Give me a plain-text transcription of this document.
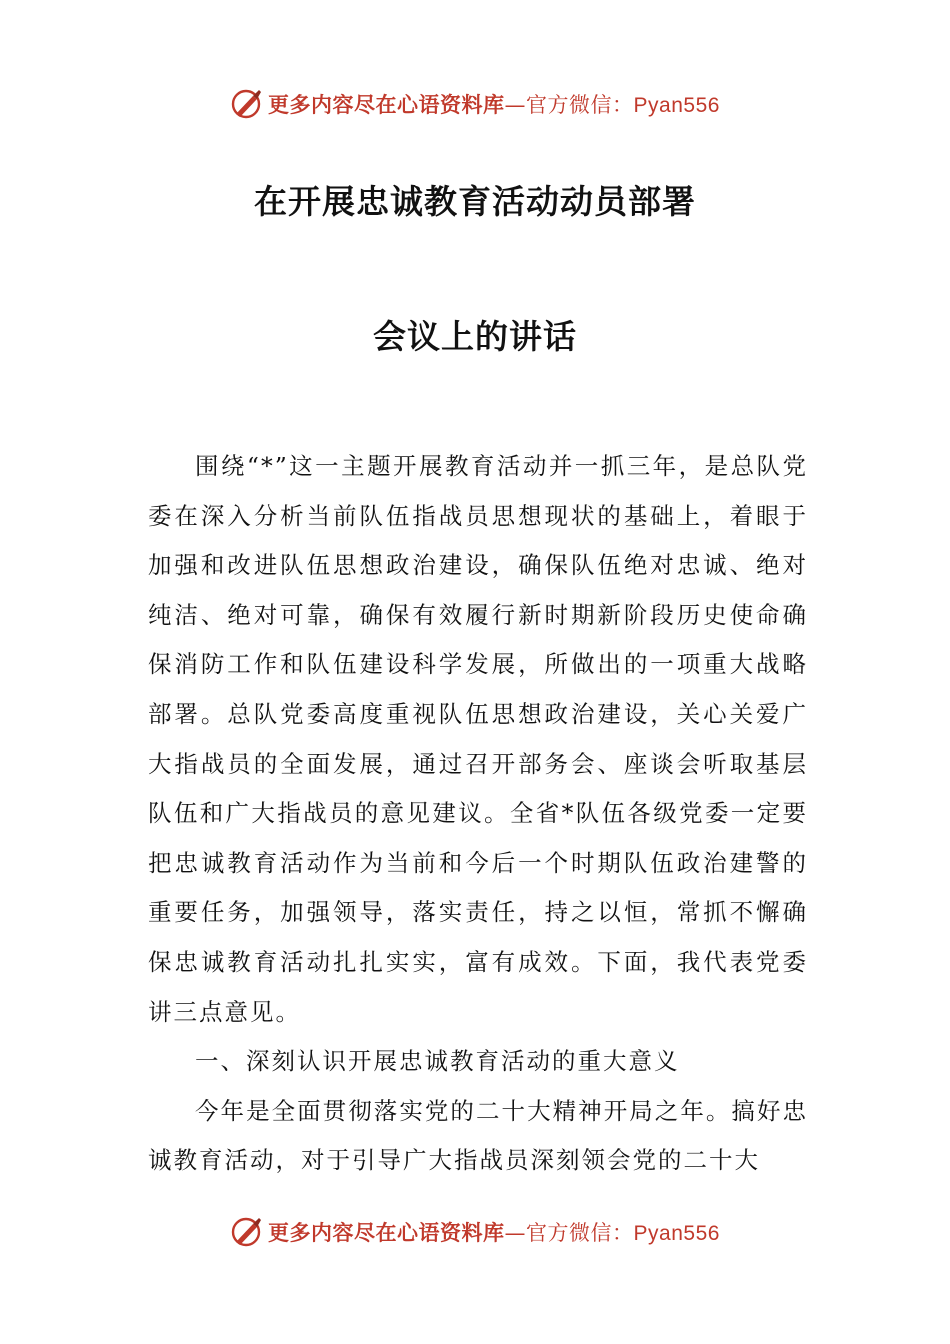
更多内容尽在心语资料库—官方微信：Pyan556
在开展忠诚教育活动动员部署
会议上的讲话

围绕“*”这一主题开展教育活动并一抓三年，是总队党委在深入分析当前队伍指战员思想现状的基础上，着眼于加强和改进队伍思想政治建设，确保队伍绝对忠诚、绝对纯洁、绝对可靠，确保有效履行新时期新阶段历史使命确保消防工作和队伍建设科学发展，所做出的一项重大战略部署。总队党委高度重视队伍思想政治建设，关心关爱广大指战员的全面发展，通过召开部务会、座谈会听取基层队伍和广大指战员的意见建议。全省*队伍各级党委一定要把忠诚教育活动作为当前和今后一个时期队伍政治建警的重要任务，加强领导，落实责任，持之以恒，常抓不懈确保忠诚教育活动扎扎实实，富有成效。下面，我代表党委讲三点意见。

一、深刻认识开展忠诚教育活动的重大意义

今年是全面贯彻落实党的二十大精神开局之年。搞好忠诚教育活动，对于引导广大指战员深刻领会党的二十大

更多内容尽在心语资料库—官方微信：Pyan556
